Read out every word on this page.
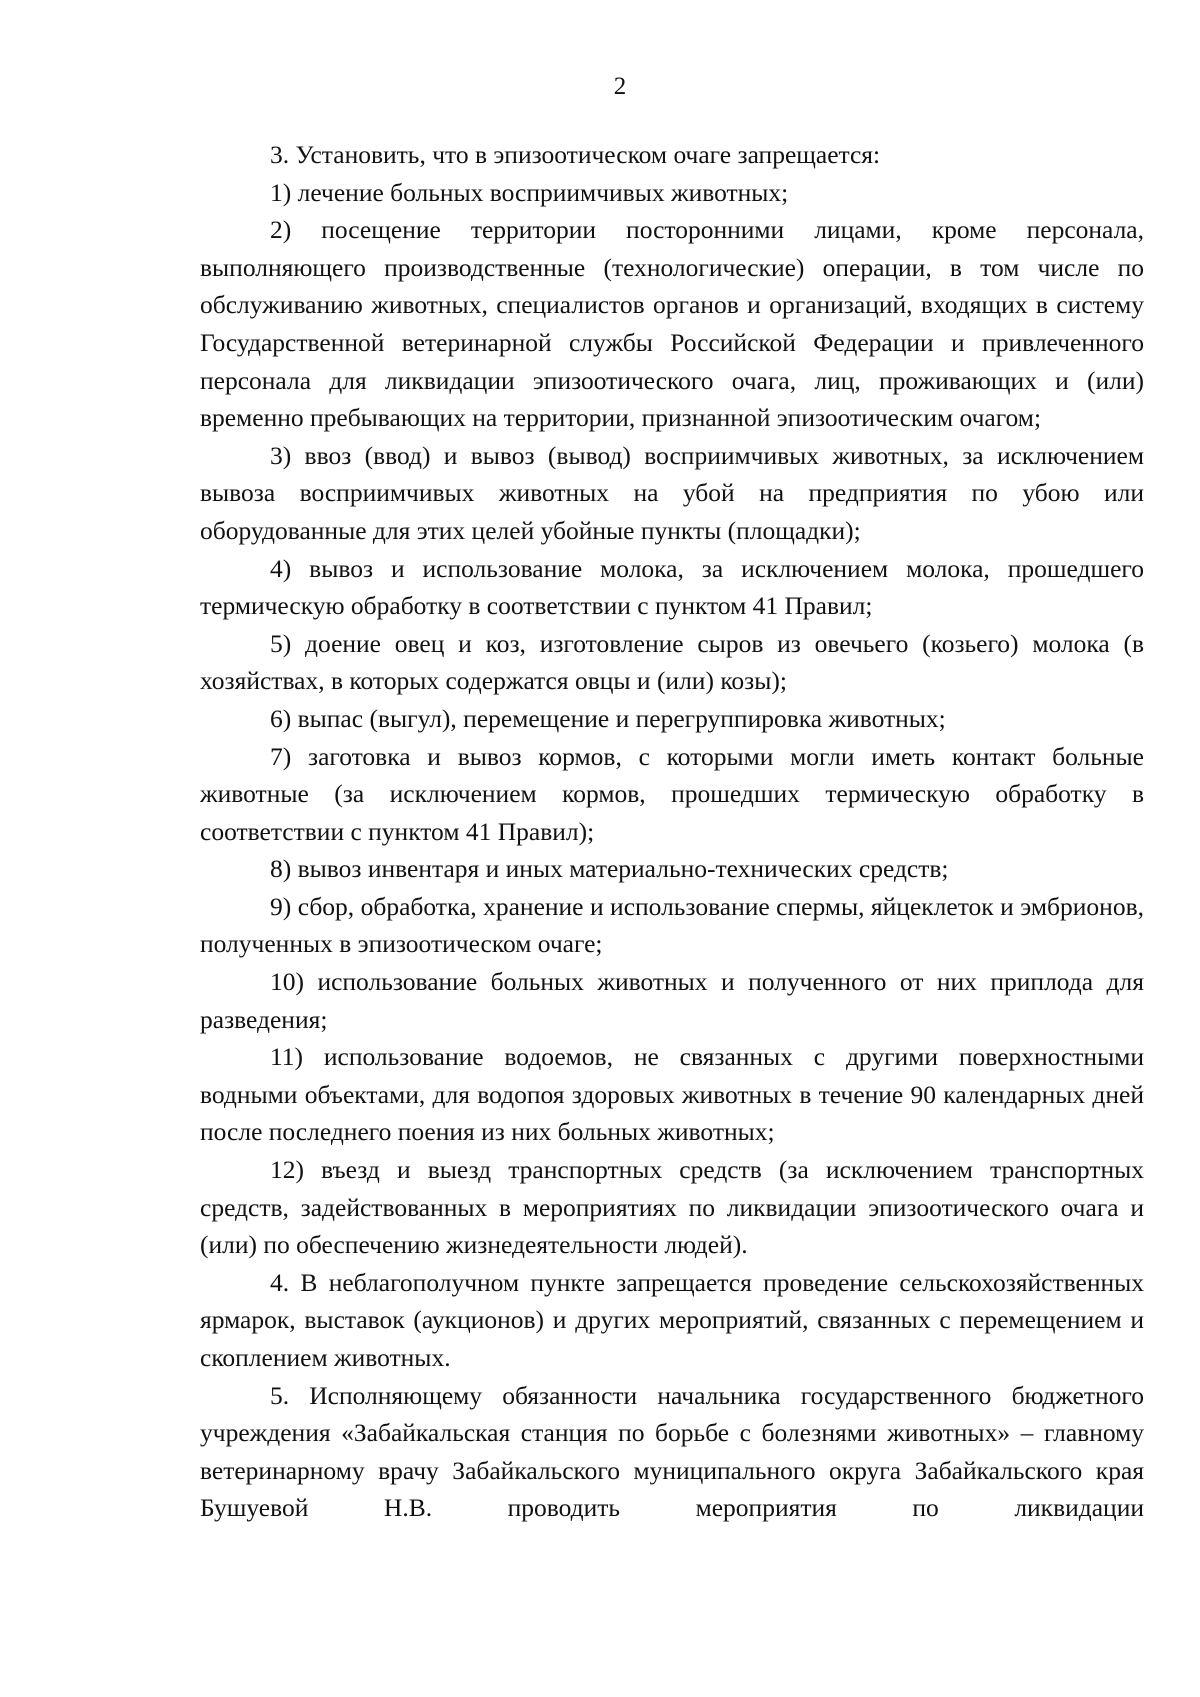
2

3. Установить, что в эпизоотическом очаге запрещается:

1) лечение больных восприимчивых животных;

2) посещение территории посторонними лицами, кроме персонала, выполняющего производственные (технологические) операции, в том числе по обслуживанию животных, специалистов органов и организаций, входящих в систему Государственной ветеринарной службы Российской Федерации и привлеченного персонала для ликвидации эпизоотического очага, лиц, проживающих и (или) временно пребывающих на территории, признанной эпизоотическим очагом;

3) ввоз (ввод) и вывоз (вывод) восприимчивых животных, за исключением вывоза восприимчивых животных на убой на предприятия по убою или оборудованные для этих целей убойные пункты (площадки);

4) вывоз и использование молока, за исключением молока, прошедшего термическую обработку в соответствии с пунктом 41 Правил;

5) доение овец и коз, изготовление сыров из овечьего (козьего) молока (в хозяйствах, в которых содержатся овцы и (или) козы);

6) выпас (выгул), перемещение и перегруппировка животных;

7) заготовка и вывоз кормов, с которыми могли иметь контакт больные животные (за исключением кормов, прошедших термическую обработку в соответствии с пунктом 41 Правил);

8) вывоз инвентаря и иных материально-технических средств;

9) сбор, обработка, хранение и использование спермы, яйцеклеток и эмбрионов, полученных в эпизоотическом очаге;

10) использование больных животных и полученного от них приплода для разведения;

11) использование водоемов, не связанных с другими поверхностными водными объектами, для водопоя здоровых животных в течение 90 календарных дней после последнего поения из них больных животных;

12) въезд и выезд транспортных средств (за исключением транспортных средств, задействованных в мероприятиях по ликвидации эпизоотического очага и (или) по обеспечению жизнедеятельности людей).

4. В неблагополучном пункте запрещается проведение сельскохозяйственных ярмарок, выставок (аукционов) и других мероприятий, связанных с перемещением и скоплением животных.

5. Исполняющему обязанности начальника государственного бюджетного учреждения «Забайкальская станция по борьбе с болезнями животных» – главному ветеринарному врачу Забайкальского муниципального округа Забайкальского края Бушуевой Н.В. проводить мероприятия по ликвидации
